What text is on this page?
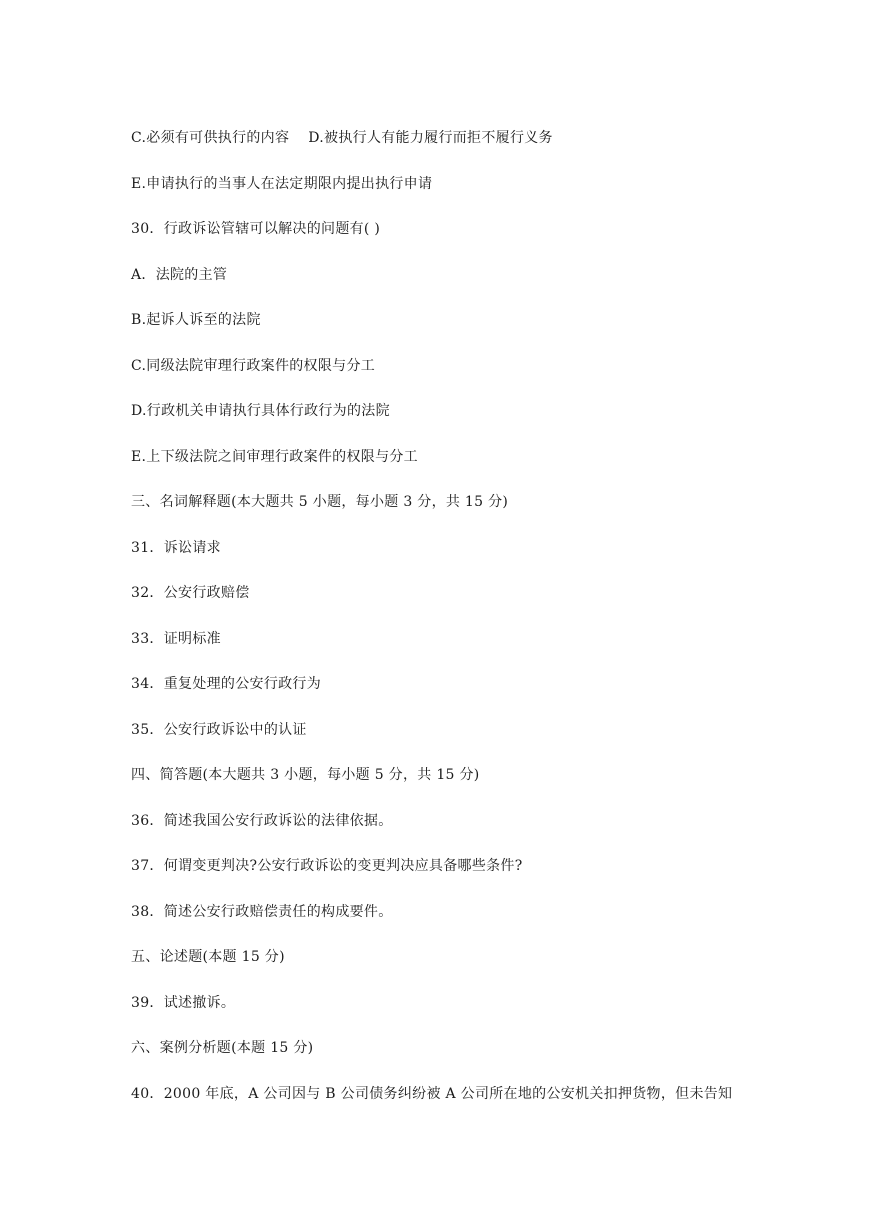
C.必须有可供执行的内容    D.被执行人有能力履行而拒不履行义务
E.申请执行的当事人在法定期限内提出执行申请
30．行政诉讼管辖可以解决的问题有( )
A．法院的主管
B.起诉人诉至的法院
C.同级法院审理行政案件的权限与分工
D.行政机关申请执行具体行政行为的法院
E.上下级法院之间审理行政案件的权限与分工
三、名词解释题(本大题共 5 小题，每小题 3 分，共 15 分)
31．诉讼请求
32．公安行政赔偿
33．证明标准
34．重复处理的公安行政行为
35．公安行政诉讼中的认证
四、简答题(本大题共 3 小题，每小题 5 分，共 15 分)
36．简述我国公安行政诉讼的法律依据。
37．何谓变更判决?公安行政诉讼的变更判决应具备哪些条件?
38．简述公安行政赔偿责任的构成要件。
五、论述题(本题 15 分)
39．试述撤诉。
六、案例分析题(本题 15 分)
40．2000 年底，A 公司因与 B 公司债务纠纷被 A 公司所在地的公安机关扣押货物，但未告知
